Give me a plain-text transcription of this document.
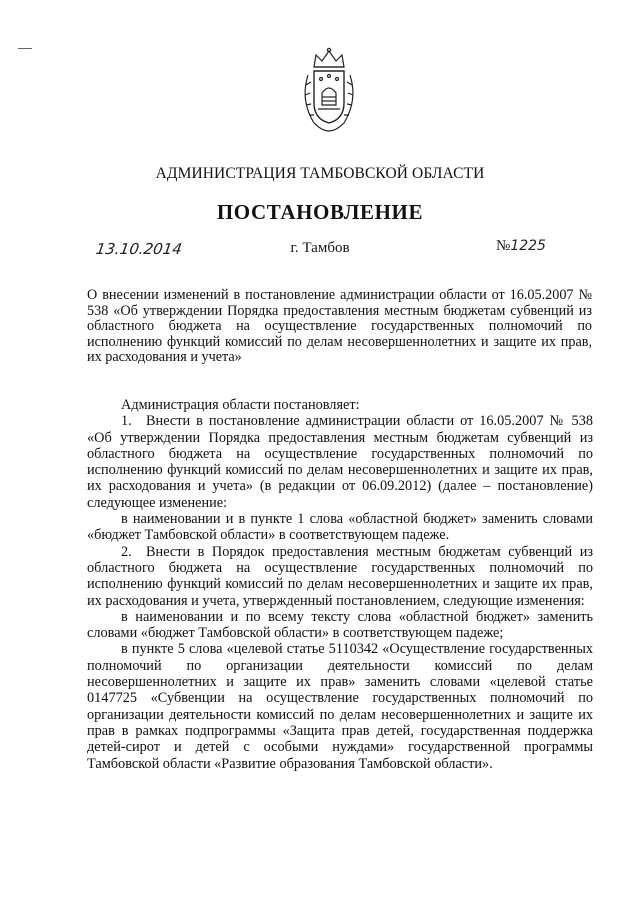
АДМИНИСТРАЦИЯ ТАМБОВСКОЙ ОБЛАСТИ
ПОСТАНОВЛЕНИЕ
13.10.2014	г. Тамбов	№1225
О внесении изменений в постановление администрации области от 16.05.2007 № 538 «Об утверждении Порядка предоставления местным бюджетам субвенций из областного бюджета на осуществление государственных полномочий по исполнению функций комиссий по делам несовершеннолетних и защите их прав, их расходования и учета»

Администрация области постановляет:

1. Внести в постановление администрации области от 16.05.2007 № 538 «Об утверждении Порядка предоставления местным бюджетам субвенций из областного бюджета на осуществление государственных полномочий по исполнению функций комиссий по делам несовершеннолетних и защите их прав, их расходования и учета» (в редакции от 06.09.2012) (далее – постановление) следующее изменение:

в наименовании и в пункте 1 слова «областной бюджет» заменить словами «бюджет Тамбовской области» в соответствующем падеже.

2. Внести в Порядок предоставления местным бюджетам субвенций из областного бюджета на осуществление государственных полномочий по исполнению функций комиссий по делам несовершеннолетних и защите их прав, их расходования и учета, утвержденный постановлением, следующие изменения:

в наименовании и по всему тексту слова «областной бюджет» заменить словами «бюджет Тамбовской области» в соответствующем падеже;

в пункте 5 слова «целевой статье 5110342 «Осуществление государственных полномочий по организации деятельности комиссий по делам несовершеннолетних и защите их прав» заменить словами «целевой статье 0147725 «Субвенции на осуществление государственных полномочий по организации деятельности комиссий по делам несовершеннолетних и защите их прав в рамках подпрограммы «Защита прав детей, государственная поддержка детей-сирот и детей с особыми нуждами» государственной программы Тамбовской области «Развитие образования Тамбовской области».
